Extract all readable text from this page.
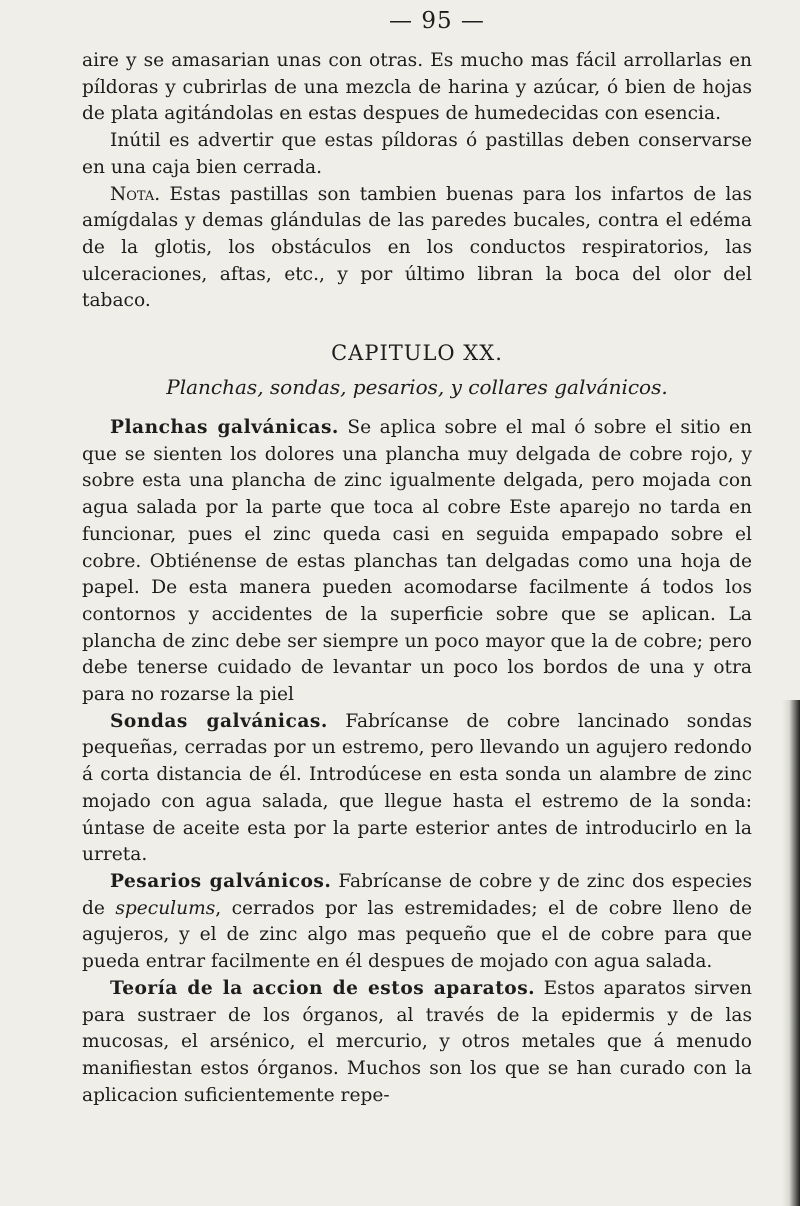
— 95 —

aire y se amasarian unas con otras. Es mucho mas fácil arrollarlas en píldoras y cubrirlas de una mezcla de harina y azúcar, ó bien de hojas de plata agitándolas en estas despues de humedecidas con esencia.

Inútil es advertir que estas píldoras ó pastillas deben conservarse en una caja bien cerrada.

Nota. Estas pastillas son tambien buenas para los infartos de las amígdalas y demas glándulas de las paredes bucales, contra el edéma de la glotis, los obstáculos en los conductos respiratorios, las ulceraciones, aftas, etc., y por último libran la boca del olor del tabaco.

CAPITULO XX.
Planchas, sondas, pesarios, y collares galvánicos.

Planchas galvánicas. Se aplica sobre el mal ó sobre el sitio en que se sienten los dolores una plancha muy delgada de cobre rojo, y sobre esta una plancha de zinc igualmente delgada, pero mojada con agua salada por la parte que toca al cobre Este aparejo no tarda en funcionar, pues el zinc queda casi en seguida empapado sobre el cobre. Obtiénense de estas planchas tan delgadas como una hoja de papel. De esta manera pueden acomodarse facilmente á todos los contornos y accidentes de la superficie sobre que se aplican. La plancha de zinc debe ser siempre un poco mayor que la de cobre; pero debe tenerse cuidado de levantar un poco los bordos de una y otra para no rozarse la piel

Sondas galvánicas. Fabrícanse de cobre lancinado sondas pequeñas, cerradas por un estremo, pero llevando un agujero redondo á corta distancia de él. Introdúcese en esta sonda un alambre de zinc mojado con agua salada, que llegue hasta el estremo de la sonda: úntase de aceite esta por la parte esterior antes de introducirlo en la urreta.

Pesarios galvánicos. Fabrícanse de cobre y de zinc dos especies de speculums, cerrados por las estremidades; el de cobre lleno de agujeros, y el de zinc algo mas pequeño que el de cobre para que pueda entrar facilmente en él despues de mojado con agua salada.

Teoría de la accion de estos aparatos. Estos aparatos sirven para sustraer de los órganos, al través de la epidermis y de las mucosas, el arsénico, el mercurio, y otros metales que á menudo manifiestan estos órganos. Muchos son los que se han curado con la aplicacion suficientemente repe-
